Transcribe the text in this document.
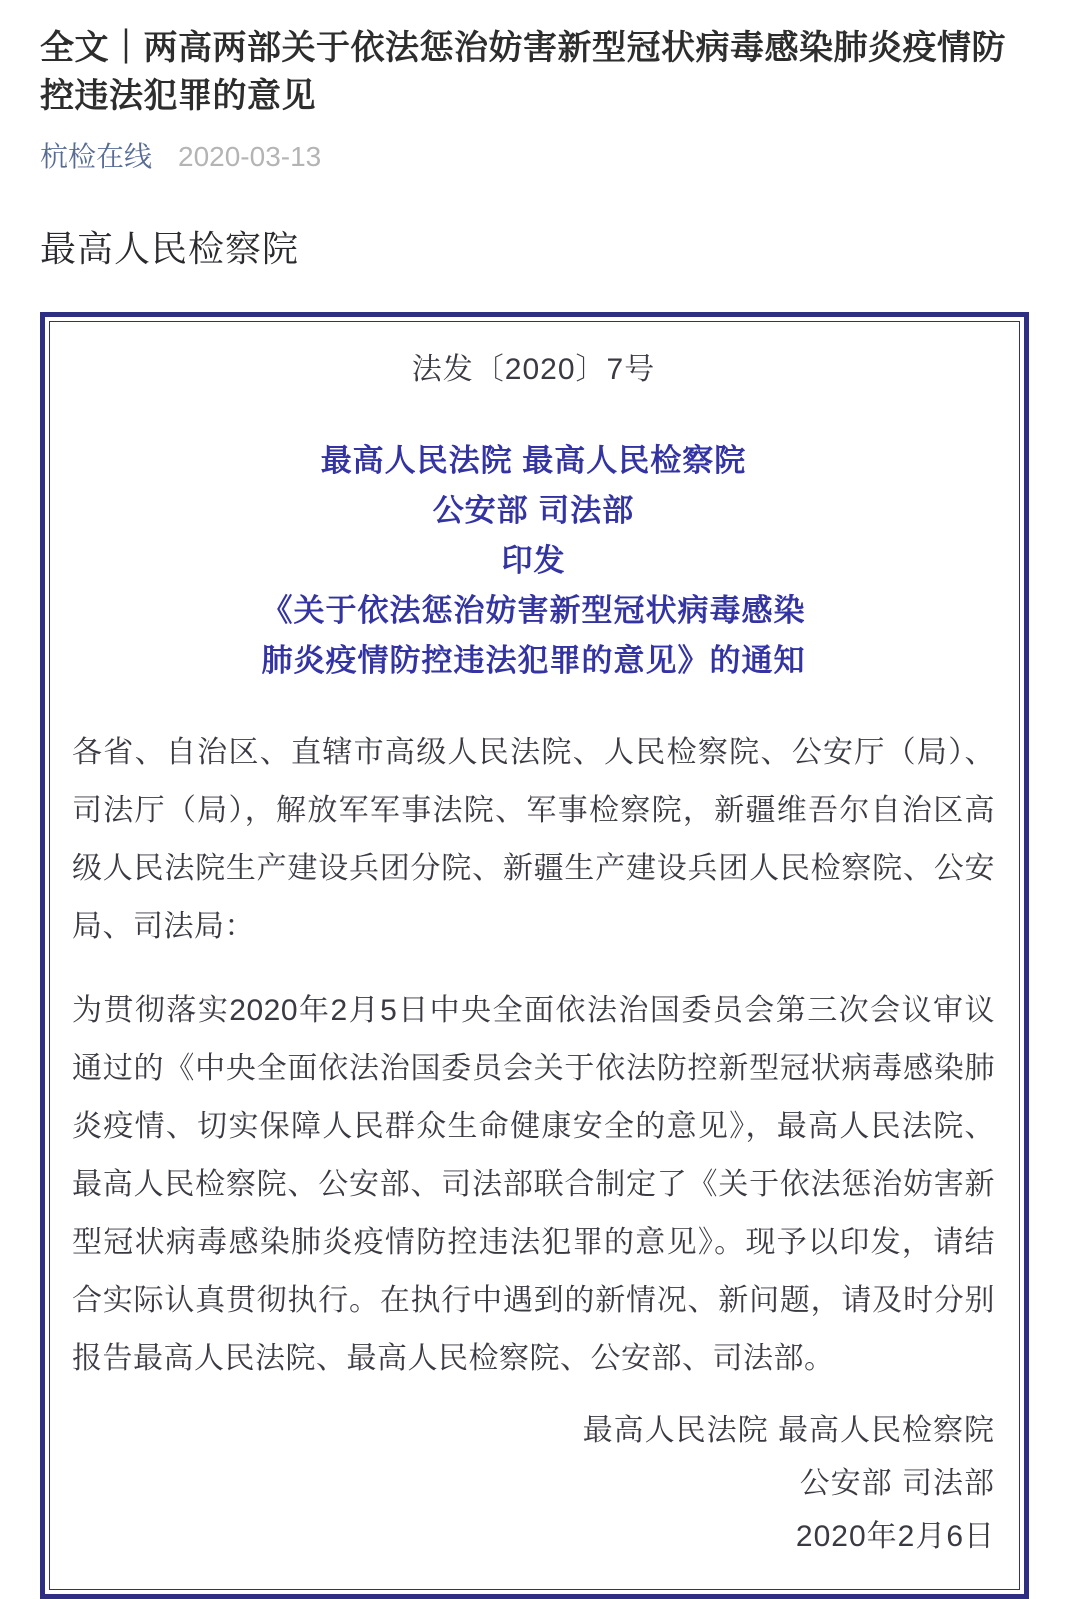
全文｜两高两部关于依法惩治妨害新型冠状病毒感染肺炎疫情防控违法犯罪的意见
杭检在线 2020-03-13
最高人民检察院
法发〔2020〕7号
最高人民法院 最高人民检察院
公安部 司法部
印发
《关于依法惩治妨害新型冠状病毒感染
肺炎疫情防控违法犯罪的意见》的通知

各省、自治区、直辖市高级人民法院、人民检察院、公安厅（局）、司法厅（局），解放军军事法院、军事检察院，新疆维吾尔自治区高级人民法院生产建设兵团分院、新疆生产建设兵团人民检察院、公安局、司法局：

为贯彻落实2020年2月5日中央全面依法治国委员会第三次会议审议通过的《中央全面依法治国委员会关于依法防控新型冠状病毒感染肺炎疫情、切实保障人民群众生命健康安全的意见》，最高人民法院、最高人民检察院、公安部、司法部联合制定了《关于依法惩治妨害新型冠状病毒感染肺炎疫情防控违法犯罪的意见》。现予以印发，请结合实际认真贯彻执行。在执行中遇到的新情况、新问题，请及时分别报告最高人民法院、最高人民检察院、公安部、司法部。

最高人民法院 最高人民检察院
公安部 司法部
2020年2月6日
